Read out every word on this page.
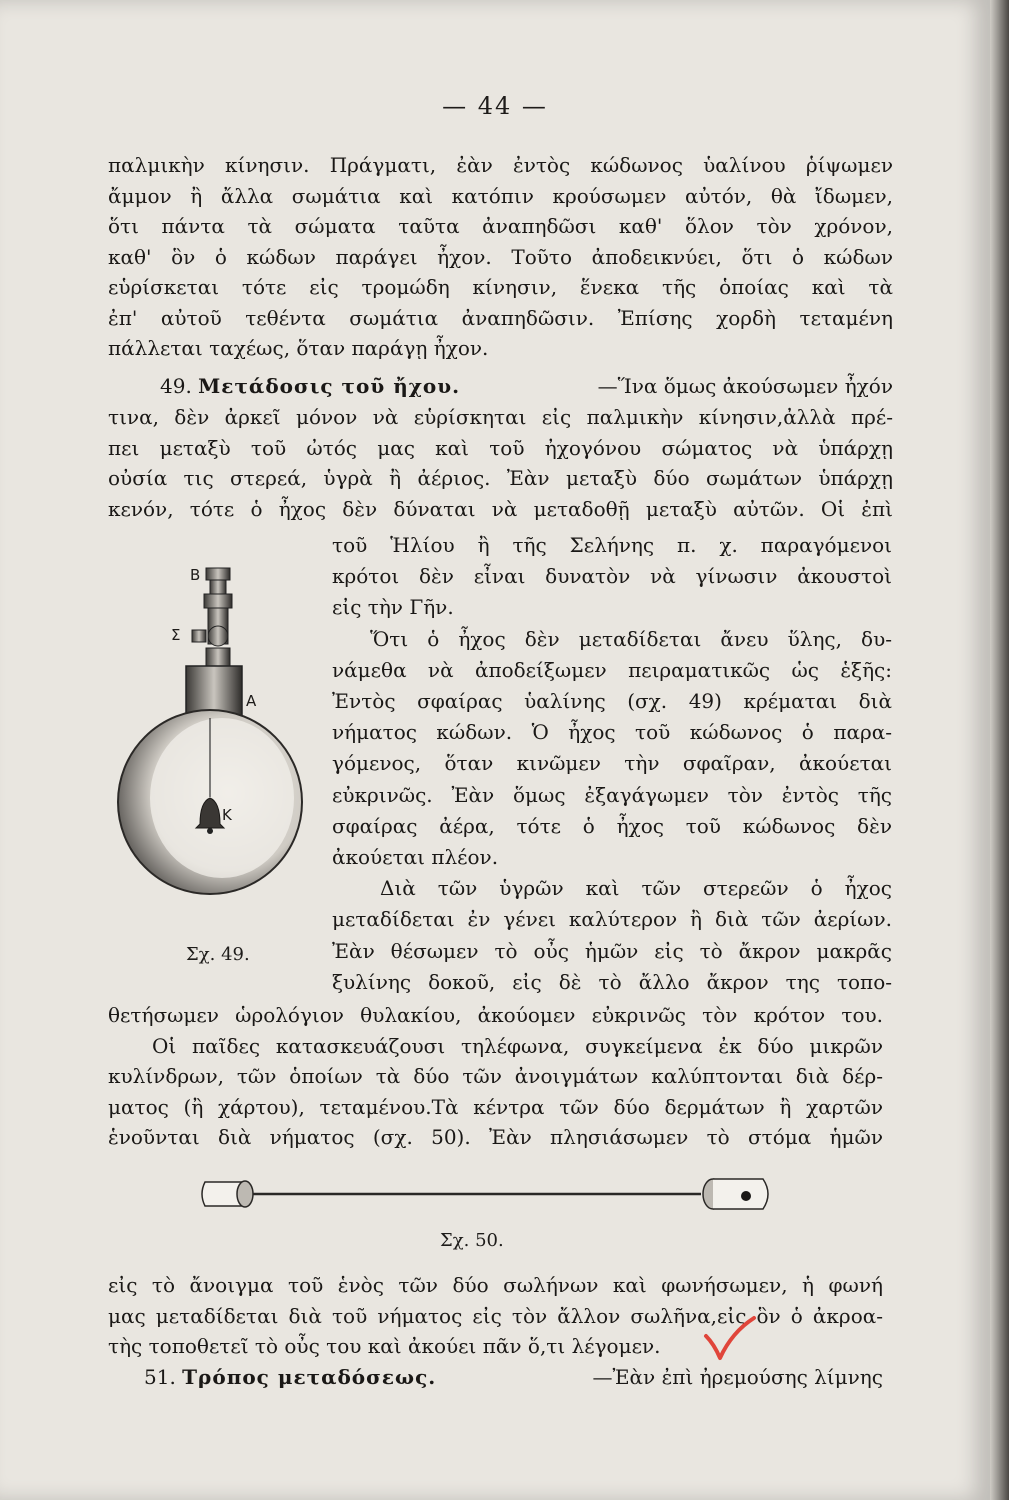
— 44 —
παλμικὴν κίνησιν. Πράγματι, ἐὰν ἐντὸς κώδωνος ὑαλίνου ῥίψωμεν
ἄμμον ἢ ἄλλα σωμάτια καὶ κατόπιν κρούσωμεν αὐτόν, θὰ ἴδωμεν,
ὅτι πάντα τὰ σώματα ταῦτα ἀναπηδῶσι καθ' ὅλον τὸν χρόνον,
καθ' ὃν ὁ κώδων παράγει ἦχον. Τοῦτο ἀποδεικνύει, ὅτι ὁ κώδων
εὑρίσκεται τότε εἰς τρομώδη κίνησιν, ἕνεκα τῆς ὁποίας καὶ τὰ
ἐπ' αὐτοῦ τεθέντα σωμάτια ἀναπηδῶσιν. Ἐπίσης χορδὴ τεταμένη
πάλλεται ταχέως, ὅταν παράγῃ ἦχον.
49. Μετάδοσις τοῦ ἤχου.	—Ἵνα ὅμως ἀκούσωμεν ἦχόν
τινα, δὲν ἀρκεῖ μόνον νὰ εὑρίσκηται εἰς παλμικὴν κίνησιν,ἀλλὰ πρέ-
πει μεταξὺ τοῦ ὠτός μας καὶ τοῦ ἠχογόνου σώματος νὰ ὑπάρχῃ
οὐσία τις στερεά, ὑγρὰ ἢ ἀέριος. Ἐὰν μεταξὺ δύο σωμάτων ὑπάρχῃ
κενόν, τότε ὁ ἦχος δὲν δύναται νὰ μεταδοθῇ μεταξὺ αὐτῶν. Οἱ ἐπὶ
τοῦ Ἡλίου ἢ τῆς Σελήνης π. χ. παραγόμενοι
κρότοι δὲν εἶναι δυνατὸν νὰ γίνωσιν ἀκουστοὶ
εἰς τὴν Γῆν.
Ὅτι ὁ ἦχος δὲν μεταδίδεται ἄνευ ὕλης, δυ-
νάμεθα νὰ ἀποδείξωμεν πειραματικῶς ὡς ἑξῆς:
Ἐντὸς σφαίρας ὑαλίνης (σχ. 49) κρέμαται διὰ
νήματος κώδων. Ὁ ἦχος τοῦ κώδωνος ὁ παρα-
γόμενος, ὅταν κινῶμεν τὴν σφαῖραν, ἀκούεται
εὐκρινῶς. Ἐὰν ὅμως ἐξαγάγωμεν τὸν ἐντὸς τῆς
σφαίρας ἀέρα, τότε ὁ ἦχος τοῦ κώδωνος δὲν
ἀκούεται πλέον.
Διὰ τῶν ὑγρῶν καὶ τῶν στερεῶν ὁ ἦχος
μεταδίδεται ἐν γένει καλύτερον ἢ διὰ τῶν ἀερίων.
Ἐὰν θέσωμεν τὸ οὖς ἡμῶν εἰς τὸ ἄκρον μακρᾶς
ξυλίνης δοκοῦ, εἰς δὲ τὸ ἄλλο ἄκρον της τοπο-
B
Σ
A
K
Σχ. 49.
θετήσωμεν ὡρολόγιον θυλακίου, ἀκούομεν εὐκρινῶς τὸν κρότον του.
Οἱ παῖδες κατασκευάζουσι τηλέφωνα, συγκείμενα ἐκ δύο μικρῶν
κυλίνδρων, τῶν ὁποίων τὰ δύο τῶν ἀνοιγμάτων καλύπτονται διὰ δέρ-
ματος (ἢ χάρτου), τεταμένου.Τὰ κέντρα τῶν δύο δερμάτων ἢ χαρτῶν
ἑνοῦνται διὰ νήματος (σχ. 50). Ἐὰν πλησιάσωμεν τὸ στόμα ἡμῶν
Σχ. 50.
εἰς τὸ ἄνοιγμα τοῦ ἑνὸς τῶν δύο σωλήνων καὶ φωνήσωμεν, ἡ φωνή
μας μεταδίδεται διὰ τοῦ νήματος εἰς τὸν ἄλλον σωλῆνα,εἰς ὃν ὁ ἀκροα-
τὴς τοποθετεῖ τὸ οὖς του καὶ ἀκούει πᾶν ὅ,τι λέγομεν.
51. Τρόπος μεταδόσεως.	—Ἐὰν ἐπὶ ἠρεμούσης λίμνης
